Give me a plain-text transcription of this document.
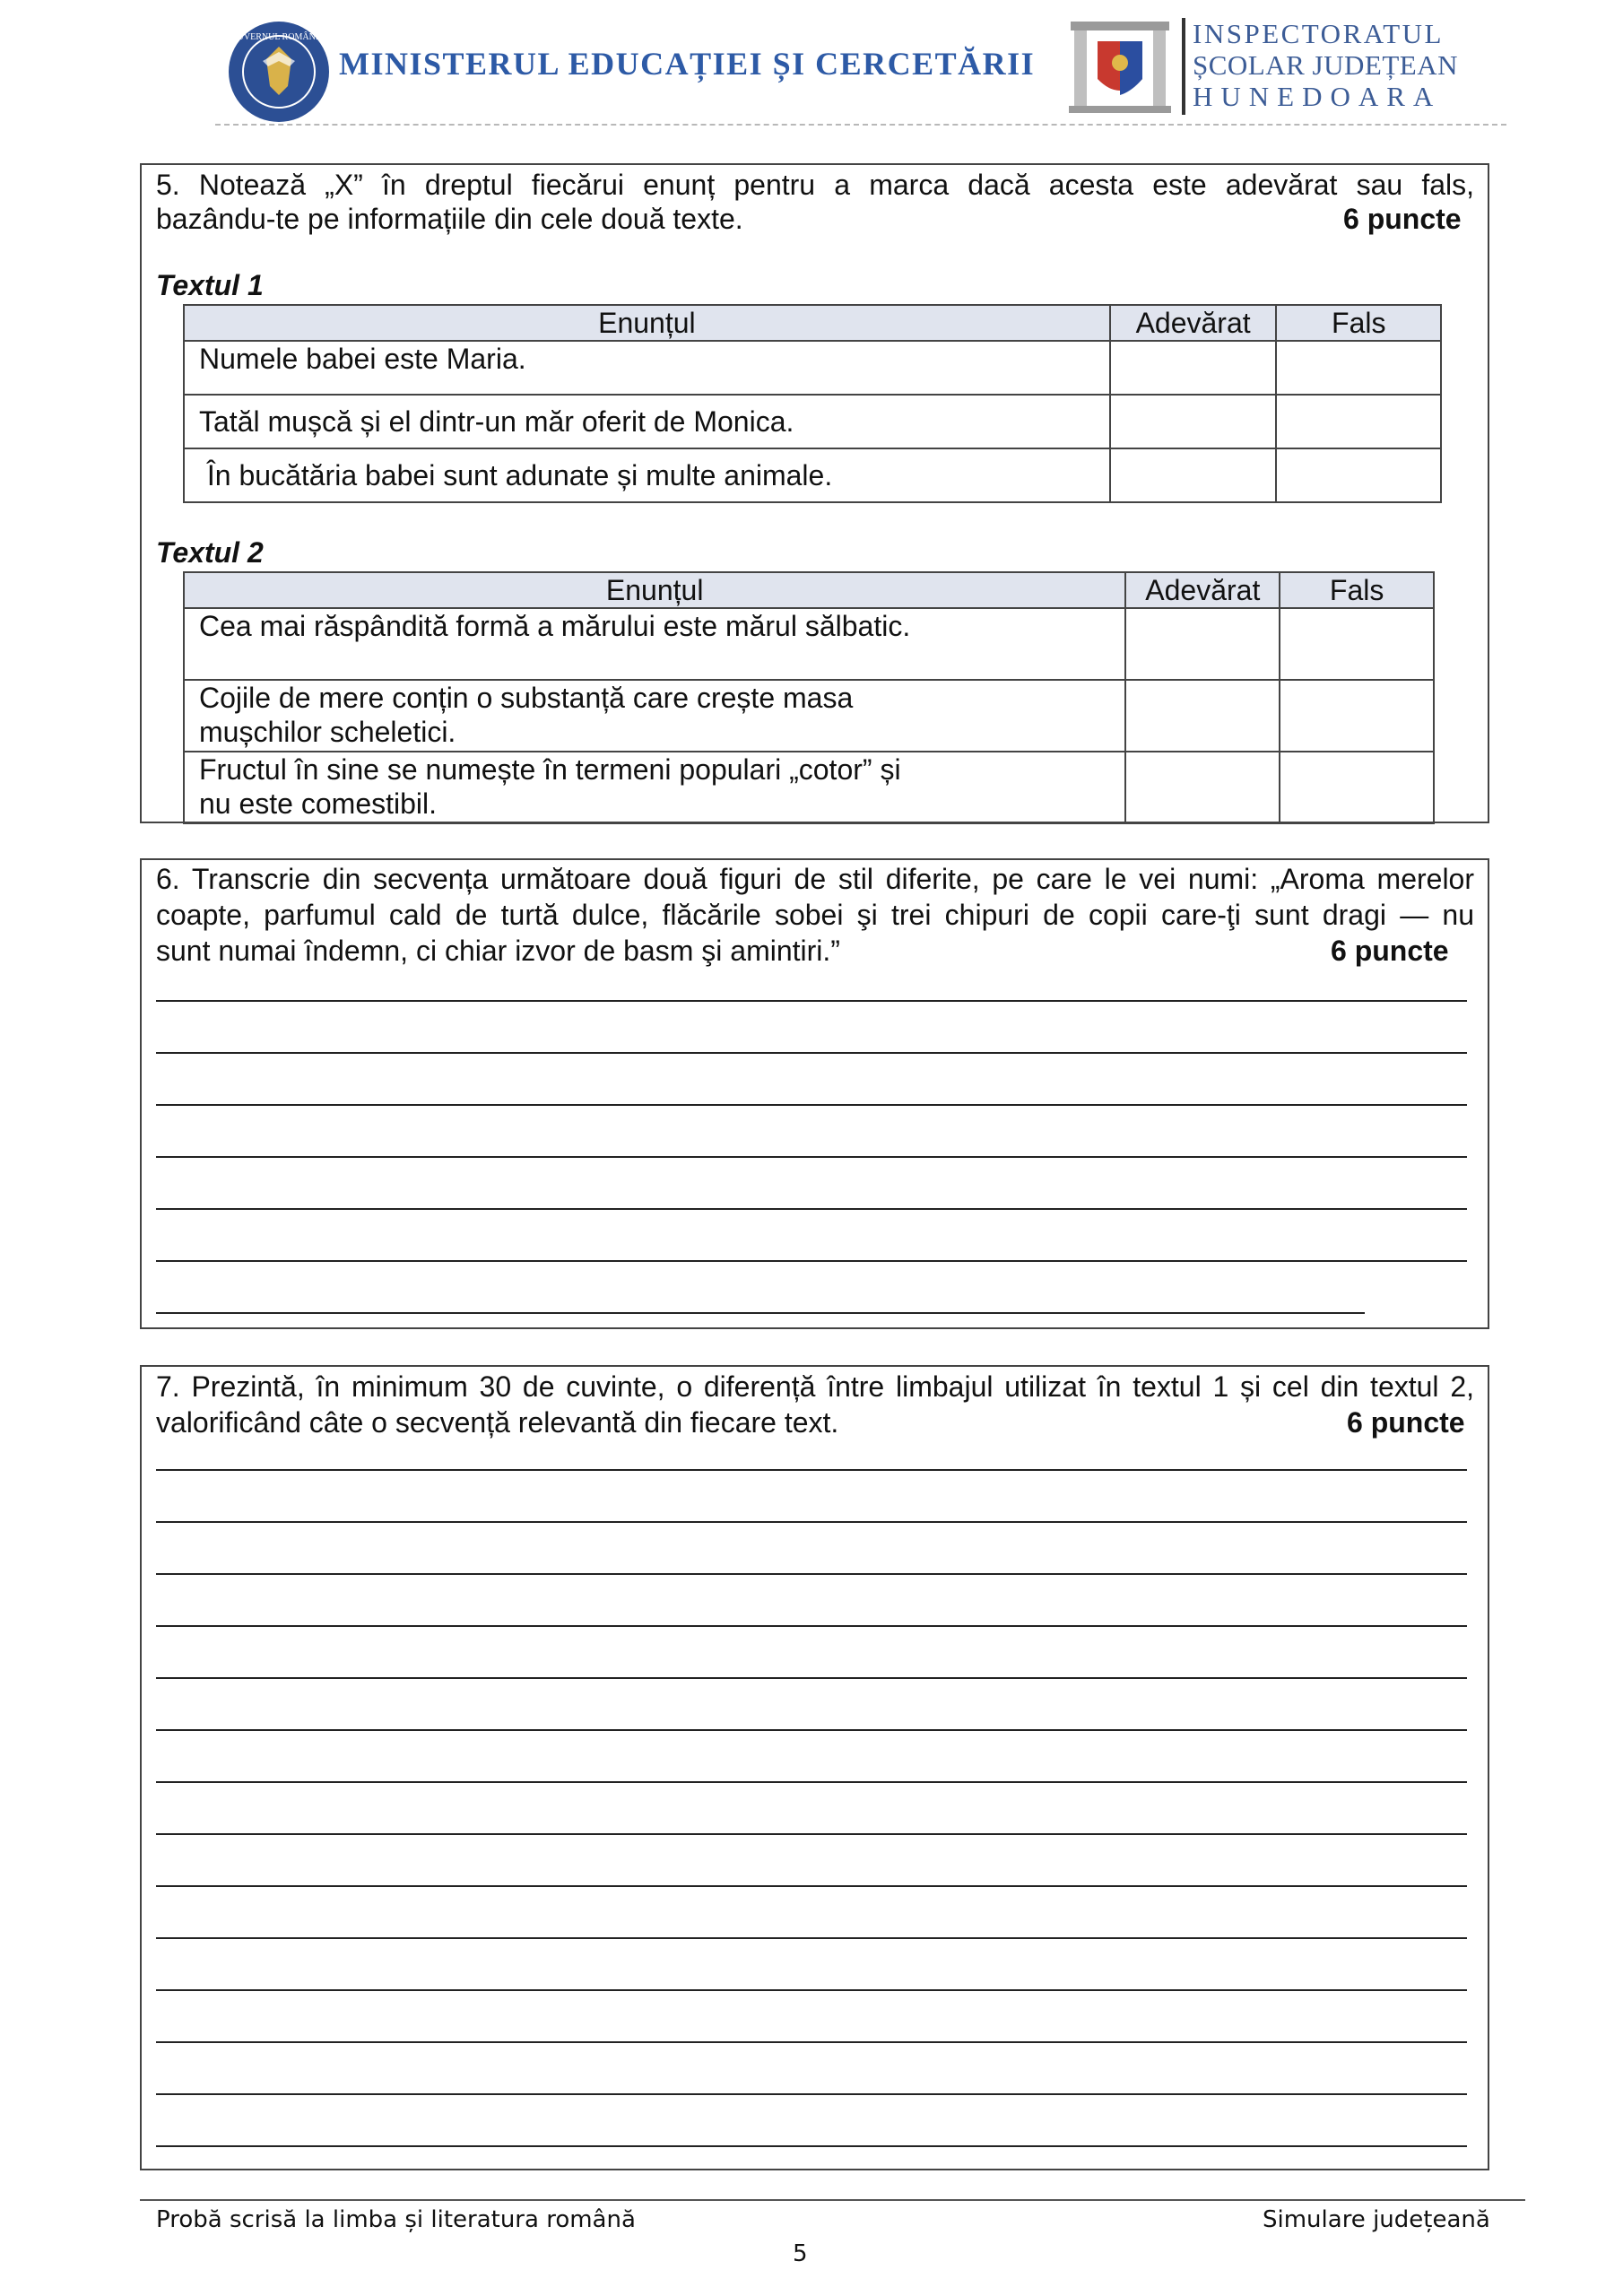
GUVERNUL ROMÂNIEI
MINISTERUL EDUCAȚIEI ȘI CERCETĂRII
INSPECTORATUL
ȘCOLAR JUDEȚEAN
HUNEDOARA
5. Notează „X” în dreptul fiecărui enunț pentru a marca dacă acesta este adevărat sau fals,
bazându-te pe informațiile din cele două texte.	6 puncte
Textul 1
Enunțul	Adevărat	Fals
Numele babei este Maria.		
Tatăl mușcă și el dintr-un măr oferit de Monica.		
În bucătăria babei sunt adunate și multe animale.		
Textul 2
Enunțul	Adevărat	Fals
Cea mai răspândită formă a mărului este mărul sălbatic.		
Cojile de mere conțin o substanță care crește masa mușchilor scheletici.		
Fructul în sine se numește în termeni populari „cotor” și nu este comestibil.		
6. Transcrie din secvența următoare două figuri de stil diferite, pe care le vei numi: „Aroma merelor
coapte, parfumul cald de turtă dulce, flăcările sobei şi trei chipuri de copii care-ţi sunt dragi — nu
sunt numai îndemn, ci chiar izvor de basm şi amintiri.”	6 puncte
7. Prezintă, în minimum 30 de cuvinte, o diferență între limbajul utilizat în textul 1 și cel din textul 2,
valorificând câte o secvență relevantă din fiecare text.	6 puncte
Probă scrisă la limba și literatura română	Simulare județeană
5
